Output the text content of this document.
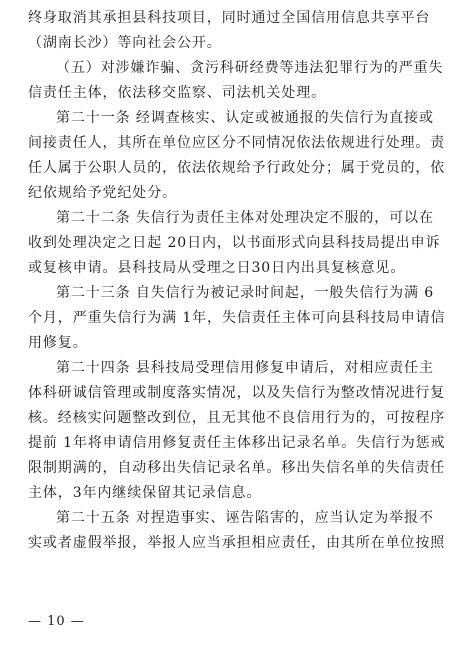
终身取消其承担县科技项目，同时通过全国信用信息共享平台

（湖南长沙）等向社会公开。

（五）对涉嫌诈骗、贪污科研经费等违法犯罪行为的严重失

信责任主体，依法移交监察、司法机关处理。

第二十一条 经调查核实、认定或被通报的失信行为直接或

间接责任人，其所在单位应区分不同情况依法依规进行处理。责

任人属于公职人员的，依法依规给予行政处分；属于党员的，依

纪依规给予党纪处分。

第二十二条 失信行为责任主体对处理决定不服的，可以在

收到处理决定之日起 20日内，以书面形式向县科技局提出申诉

或复核申请。县科技局从受理之日30日内出具复核意见。

第二十三条 自失信行为被记录时间起，一般失信行为满 6

个月，严重失信行为满 1年，失信责任主体可向县科技局申请信

用修复。

第二十四条 县科技局受理信用修复申请后，对相应责任主

体科研诚信管理或制度落实情况，以及失信行为整改情况进行复

核。经核实问题整改到位，且无其他不良信用行为的，可按程序

提前 1年将申请信用修复责任主体移出记录名单。失信行为惩戒

限制期满的，自动移出失信记录名单。移出失信名单的失信责任

主体，3年内继续保留其记录信息。

第二十五条 对捏造事实、诬告陷害的，应当认定为举报不

实或者虚假举报，举报人应当承担相应责任，由其所在单位按照

— 10 —
